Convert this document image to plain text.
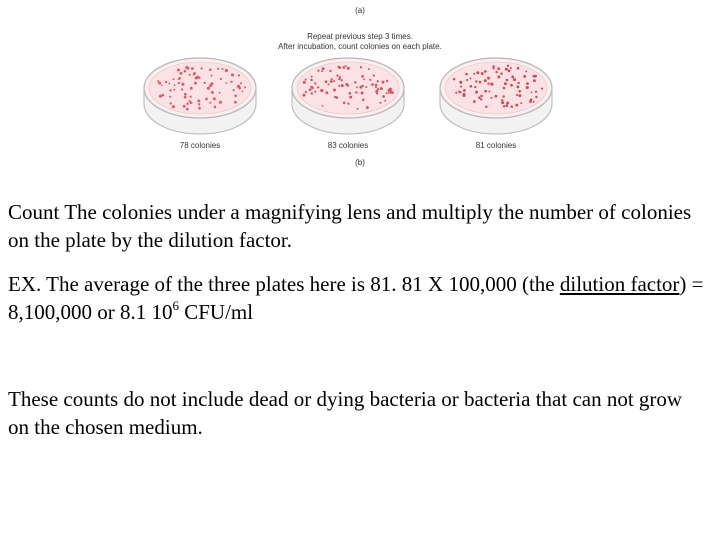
(a)
Repeat previous step 3 times.
After incubation, count colonies on each plate.
78 colonies	83 colonies	81 colonies
(b)

Count The colonies under a magnifying lens and multiply the number of colonies on the plate by the dilution factor.

EX. The average of the three plates here is 81. 81 X 100,000 (the dilution factor) = 8,100,000 or 8.1 $10^6$ CFU/ml

These counts do not include dead or dying bacteria or bacteria that can not grow on the chosen medium.
